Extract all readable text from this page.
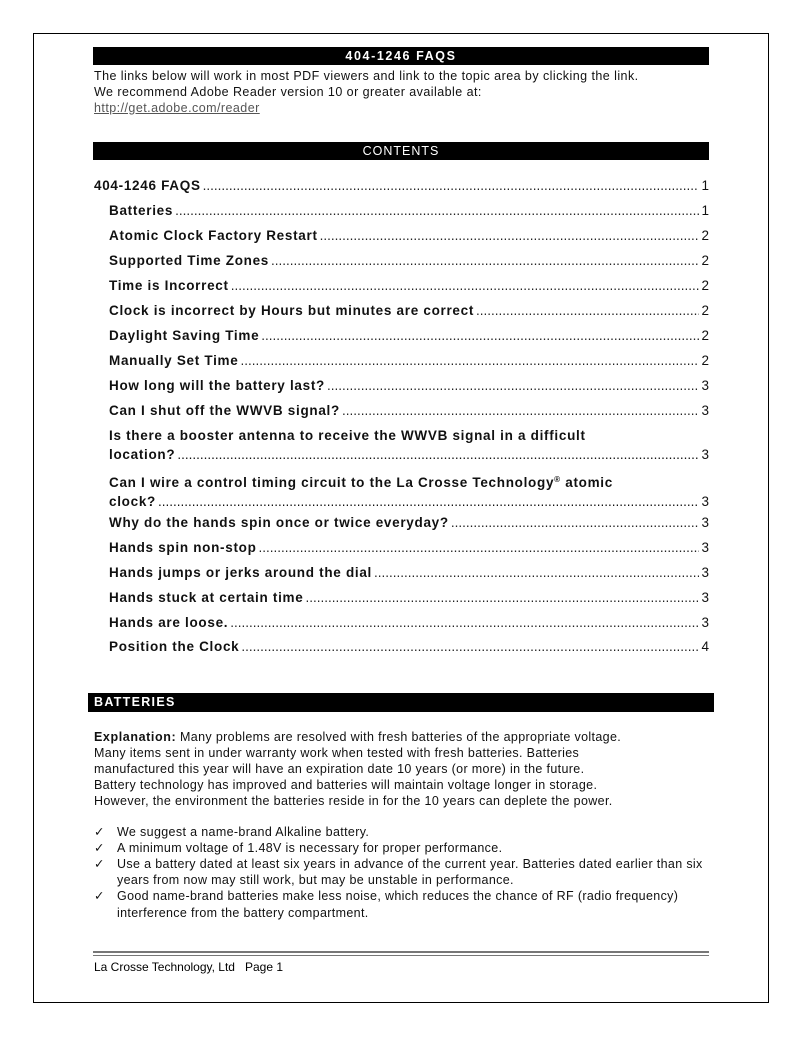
404-1246 FAQS

The links below will work in most PDF viewers and link to the topic area by clicking the link.

We recommend Adobe Reader version 10 or greater available at:

http://get.adobe.com/reader

CONTENTS
404-1246 FAQS .....	1
Batteries .....	1
Atomic Clock Factory Restart .....	2
Supported Time Zones .....	2
Time is Incorrect .....	2
Clock is incorrect by Hours but minutes are correct .....	2
Daylight Saving Time .....	2
Manually Set Time .....	2
How long will the battery last? .....	3
Can I shut off the WWVB signal? .....	3
Is there a booster antenna to receive the WWVB signal in a difficult
location? .....	3
Can I wire a control timing circuit to the La Crosse Technology® atomic
clock? .....	3
Why do the hands spin once or twice everyday? .....	3
Hands spin non-stop .....	3
Hands jumps or jerks around the dial .....	3
Hands stuck at certain time .....	3
Hands are loose. .....	3
Position the Clock .....	4
BATTERIES

Explanation: Many problems are resolved with fresh batteries of the appropriate voltage.

Many items sent in under warranty work when tested with fresh batteries. Batteries

manufactured this year will have an expiration date 10 years (or more) in the future.

Battery technology has improved and batteries will maintain voltage longer in storage.

However, the environment the batteries reside in for the 10 years can deplete the power.

✓ We suggest a name-brand Alkaline battery.
✓ A minimum voltage of 1.48V is necessary for proper performance.
✓ Use a battery dated at least six years in advance of the current year. Batteries dated earlier than six years from now may still work, but may be unstable in performance.
✓ Good name-brand batteries make less noise, which reduces the chance of RF (radio frequency) interference from the battery compartment.
La Crosse Technology, Ltd   Page 1
